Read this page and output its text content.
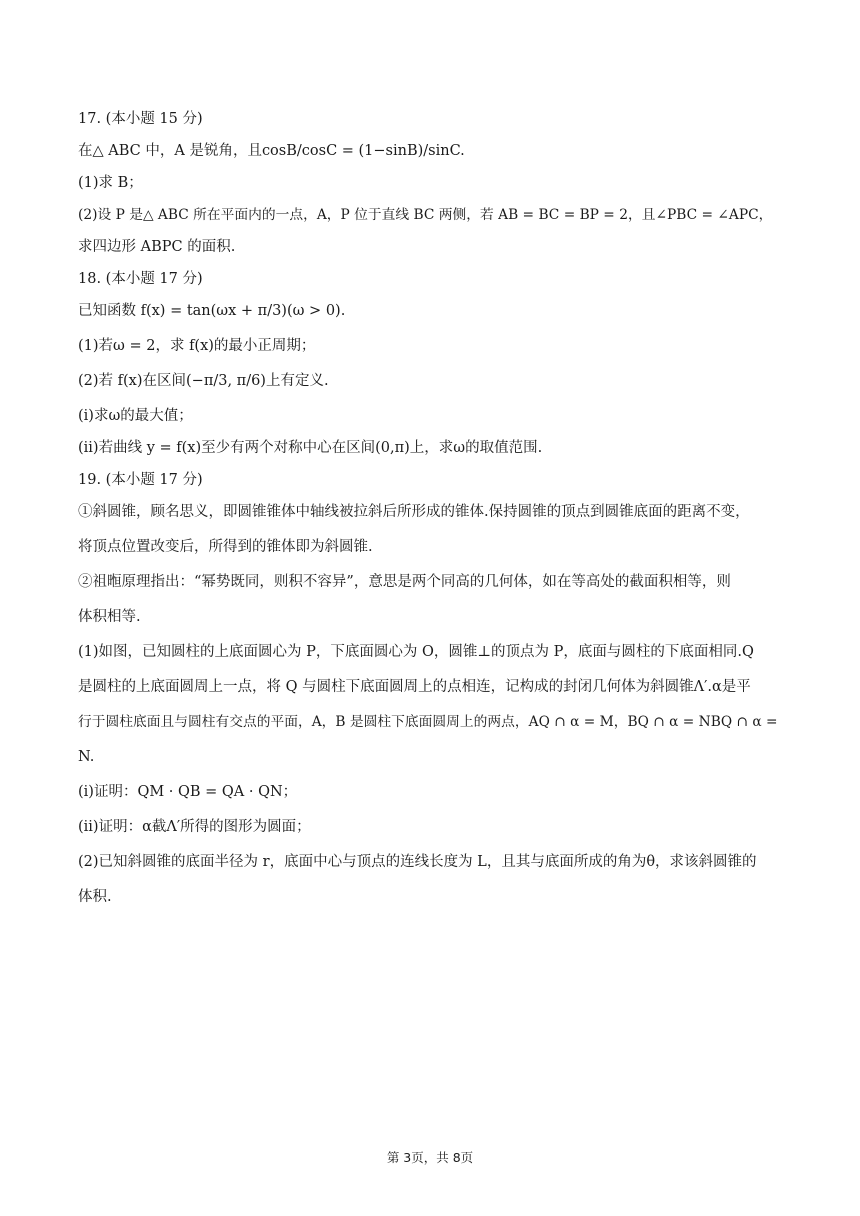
17. (本小题 15 分)
在△ ABC 中，A 是锐角，且cosB/cosC = (1−sinB)/sinC.
(1)求 B；
(2)设 P 是△ ABC 所在平面内的一点，A，P 位于直线 BC 两侧，若 AB = BC = BP = 2，且∠PBC = ∠APC，
求四边形 ABPC 的面积.
18. (本小题 17 分)
已知函数 f(x) = tan(ωx + π/3)(ω > 0).
(1)若ω = 2，求 f(x)的最小正周期；
(2)若 f(x)在区间(−π/3, π/6)上有定义.
(i)求ω的最大值；
(ii)若曲线 y = f(x)至少有两个对称中心在区间(0,π)上，求ω的取值范围.
19. (本小题 17 分)
①斜圆锥，顾名思义，即圆锥锥体中轴线被拉斜后所形成的锥体.保持圆锥的顶点到圆锥底面的距离不变，
将顶点位置改变后，所得到的锥体即为斜圆锥.
②祖暅原理指出：“幂势既同，则积不容异”，意思是两个同高的几何体，如在等高处的截面积相等，则
体积相等.
(1)如图，已知圆柱的上底面圆心为 P，下底面圆心为 O，圆锥⊥的顶点为 P，底面与圆柱的下底面相同.Q
是圆柱的上底面圆周上一点，将 Q 与圆柱下底面圆周上的点相连，记构成的封闭几何体为斜圆锥Λ′.α是平
行于圆柱底面且与圆柱有交点的平面，A，B 是圆柱下底面圆周上的两点，AQ ∩ α = M，BQ ∩ α = NBQ ∩ α =
N.
(i)证明：QM · QB = QA · QN；
(ii)证明：α截Λ′所得的图形为圆面；
(2)已知斜圆锥的底面半径为 r，底面中心与顶点的连线长度为 L，且其与底面所成的角为θ，求该斜圆锥的
体积.
第 3页，共 8页
